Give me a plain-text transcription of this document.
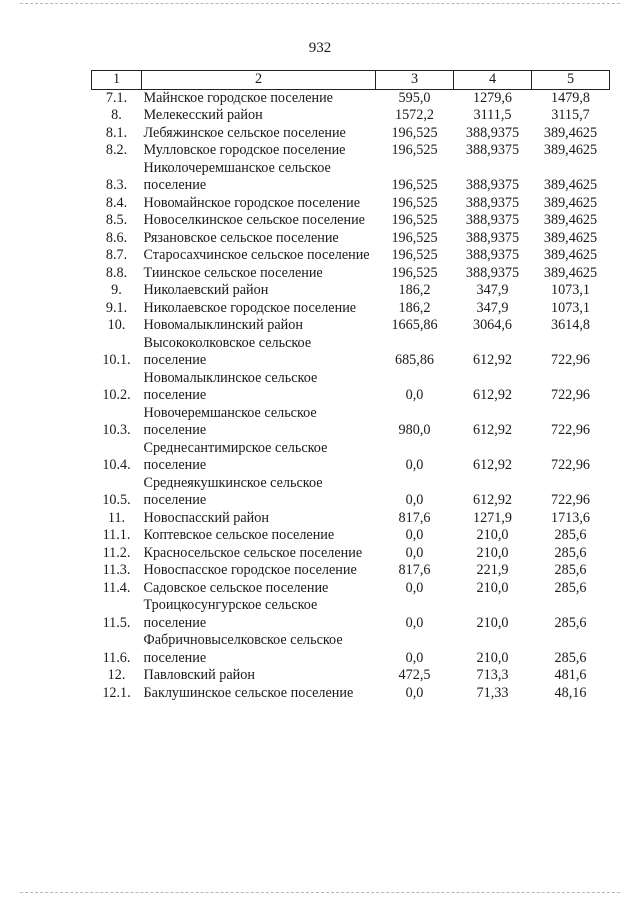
932
1	2	3	4	5
7.1.	Майнское городское поселение	595,0	1279,6	1479,8
8.	Мелекесский район	1572,2	3111,5	3115,7
8.1.	Лебяжинское сельское поселение	196,525	388,9375	389,4625
8.2.	Мулловское городское поселение	196,525	388,9375	389,4625
8.3.	Николочеремшанское сельское поселение	196,525	388,9375	389,4625
8.4.	Новомайнское городское поселение	196,525	388,9375	389,4625
8.5.	Новоселкинское сельское поселение	196,525	388,9375	389,4625
8.6.	Рязановское сельское поселение	196,525	388,9375	389,4625
8.7.	Старосахчинское сельское поселение	196,525	388,9375	389,4625
8.8.	Тиинское сельское поселение	196,525	388,9375	389,4625
9.	Николаевский район	186,2	347,9	1073,1
9.1.	Николаевское городское поселение	186,2	347,9	1073,1
10.	Новомалыклинский район	1665,86	3064,6	3614,8
10.1.	Высококолковское сельское поселение	685,86	612,92	722,96
10.2.	Новомалыклинское сельское поселение	0,0	612,92	722,96
10.3.	Новочеремшанское сельское поселение	980,0	612,92	722,96
10.4.	Среднесантимирское сельское поселение	0,0	612,92	722,96
10.5.	Среднеякушкинское сельское поселение	0,0	612,92	722,96
11.	Новоспасский район	817,6	1271,9	1713,6
11.1.	Коптевское сельское поселение	0,0	210,0	285,6
11.2.	Красносельское сельское поселение	0,0	210,0	285,6
11.3.	Новоспасское городское поселение	817,6	221,9	285,6
11.4.	Садовское сельское поселение	0,0	210,0	285,6
11.5.	Троицкосунгурское сельское поселение	0,0	210,0	285,6
11.6.	Фабричновыселковское сельское поселение	0,0	210,0	285,6
12.	Павловский район	472,5	713,3	481,6
12.1.	Баклушинское сельское поселение	0,0	71,33	48,16
